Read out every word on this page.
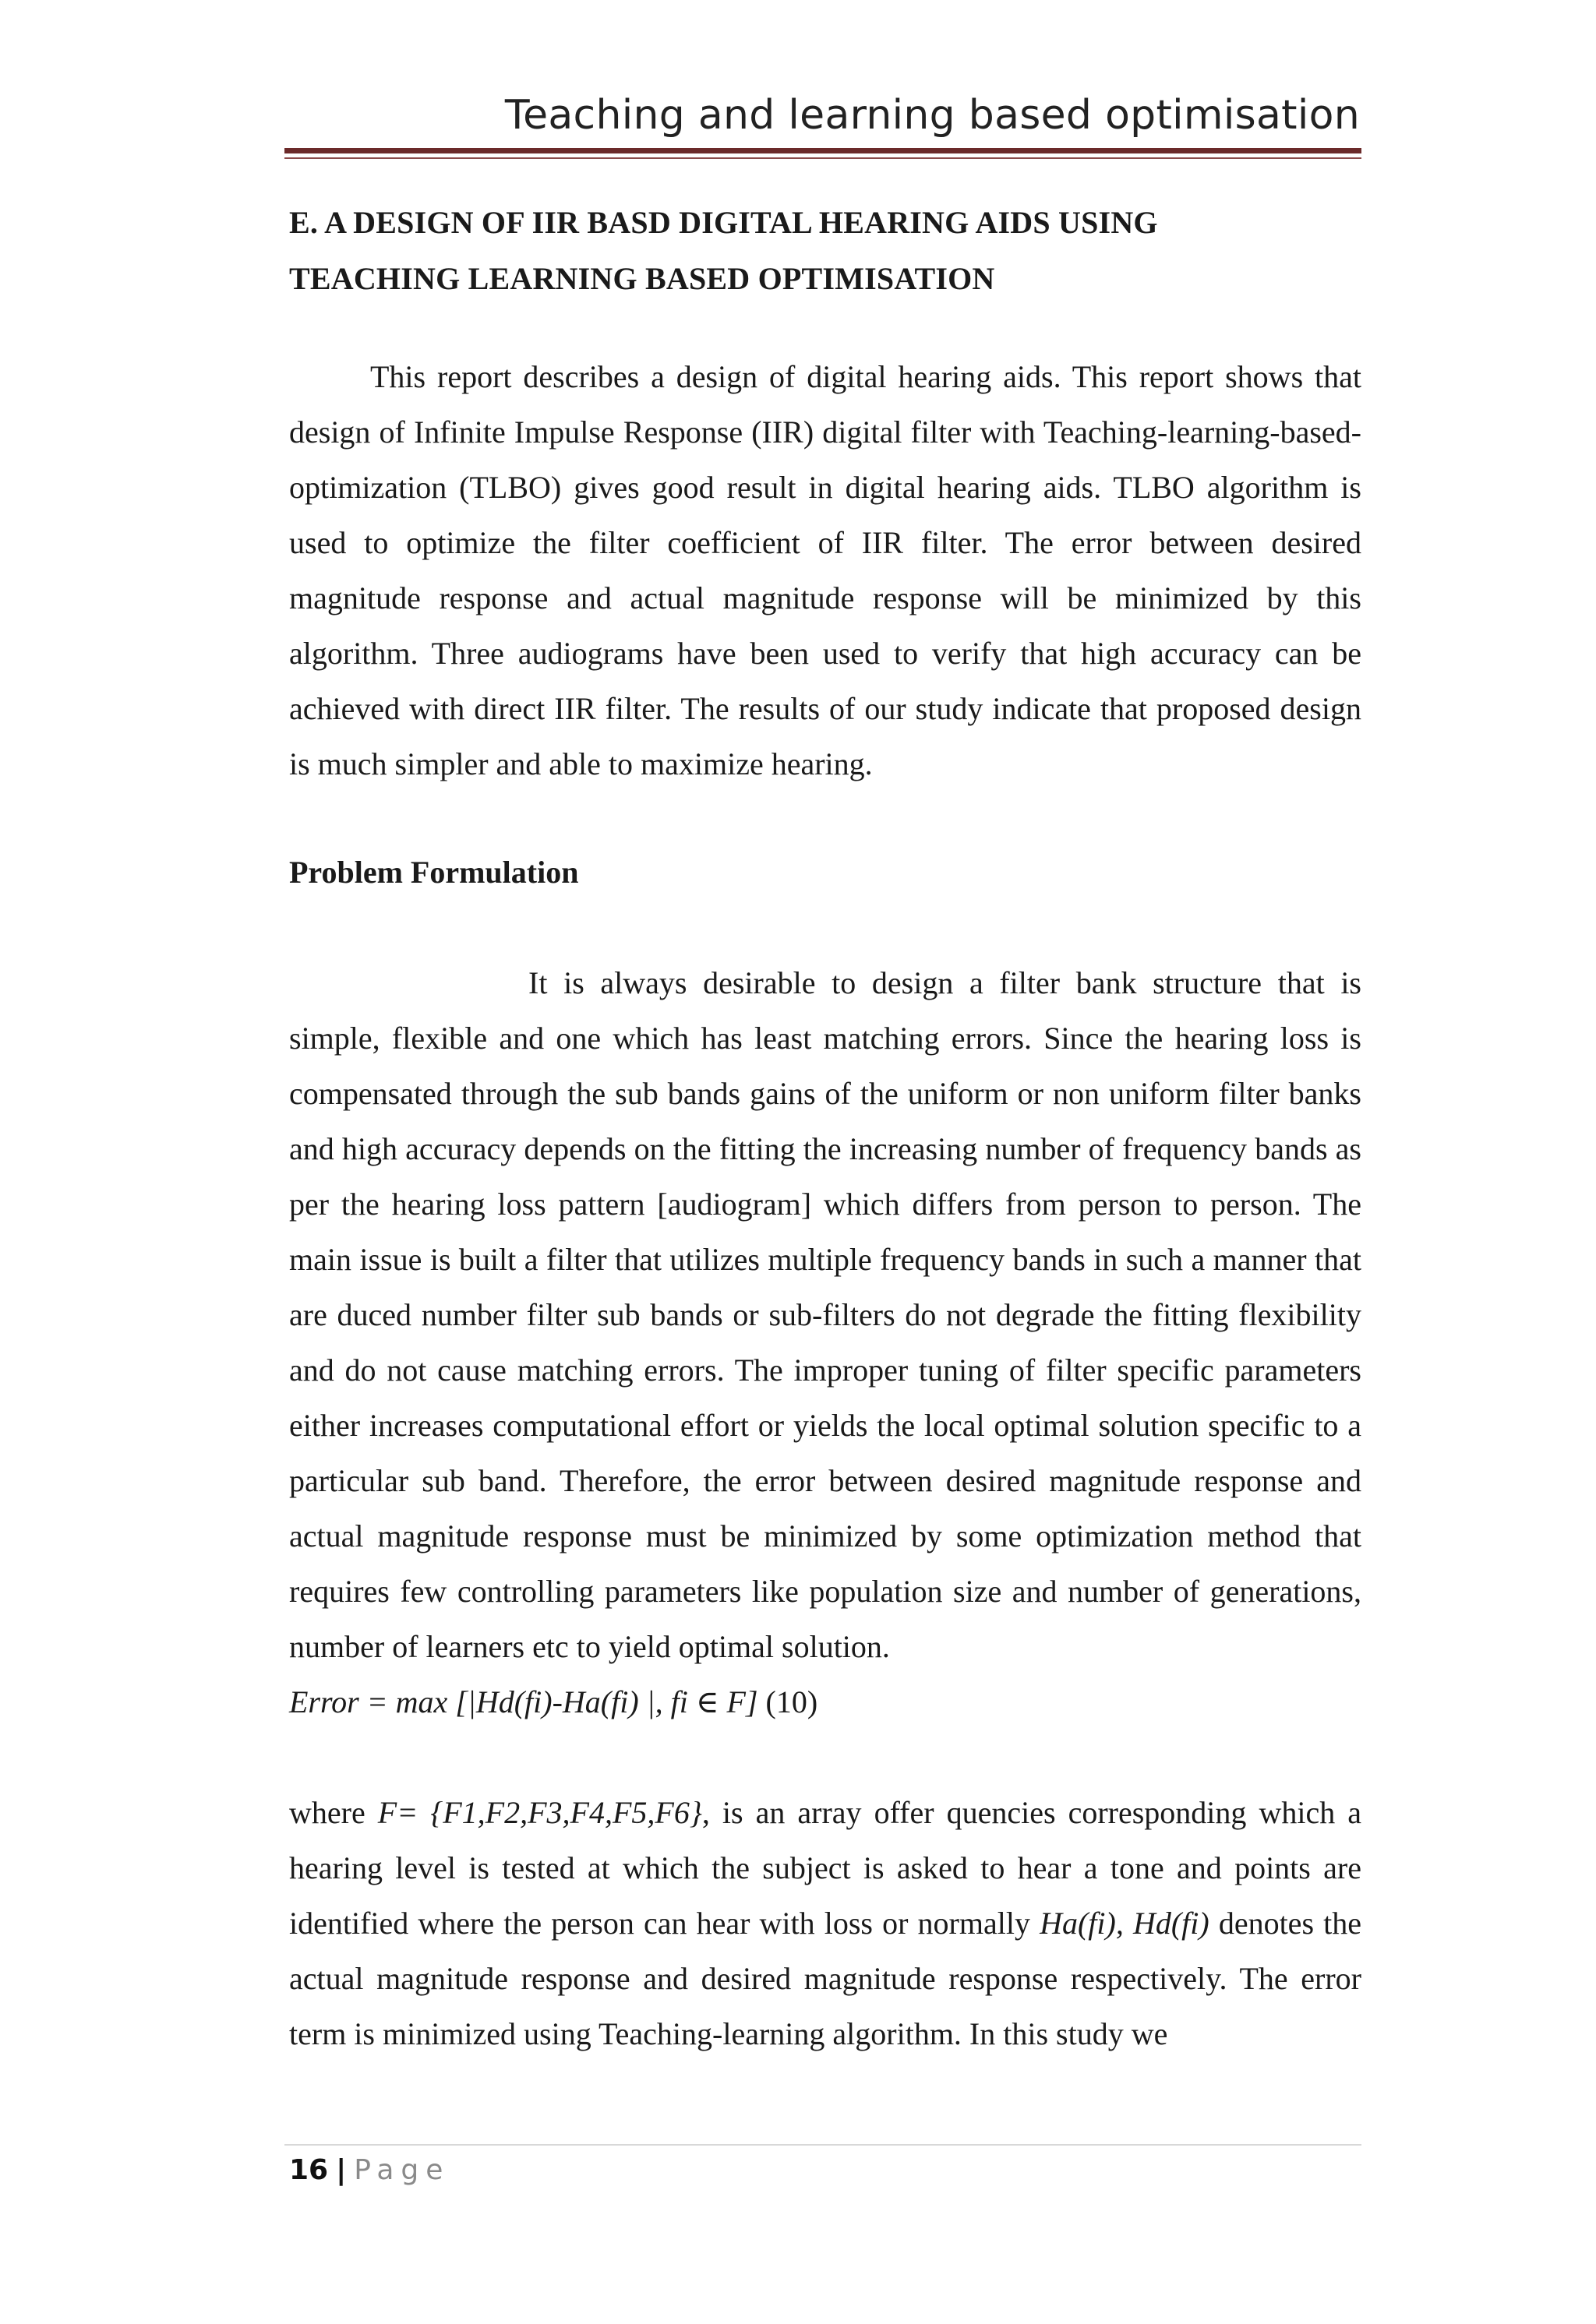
Teaching and learning based optimisation

E. A DESIGN OF IIR BASD DIGITAL HEARING AIDS USING

TEACHING LEARNING BASED OPTIMISATION

This report describes a design of digital hearing aids. This report shows that design of Infinite Impulse Response (IIR) digital filter with Teaching-learning-based-optimization (TLBO) gives good result in digital hearing aids. TLBO algorithm is used to optimize the filter coefficient of IIR filter. The error between desired magnitude response and actual magnitude response will be minimized by this algorithm. Three audiograms have been used to verify that high accuracy can be achieved with direct IIR filter. The results of our study indicate that proposed design is much simpler and able to maximize hearing.

Problem Formulation

It is always desirable to design a filter bank structure that is simple, flexible and one which has least matching errors. Since the hearing loss is compensated through the sub bands gains of the uniform or non uniform filter banks and high accuracy depends on the fitting the increasing number of frequency bands as per the hearing loss pattern [audiogram] which differs from person to person. The main issue is built a filter that utilizes multiple frequency bands in such a manner that are duced number filter sub bands or sub-filters do not degrade the fitting flexibility and do not cause matching errors. The improper tuning of filter specific parameters either increases computational effort or yields the local optimal solution specific to a particular sub band. Therefore, the error between desired magnitude response and actual magnitude response must be minimized by some optimization method that requires few controlling parameters like population size and number of generations, number of learners etc to yield optimal solution.

Error = max [|Hd(fi)-Ha(fi) |, fi ∈ F] (10)

where F= {F1,F2,F3,F4,F5,F6}, is an array offer quencies corresponding which a hearing level is tested at which the subject is asked to hear a tone and points are identified where the person can hear with loss or normally Ha(fi), Hd(fi) denotes the actual magnitude response and desired magnitude response respectively. The error term is minimized using Teaching-learning algorithm. In this study we

16 | Page
